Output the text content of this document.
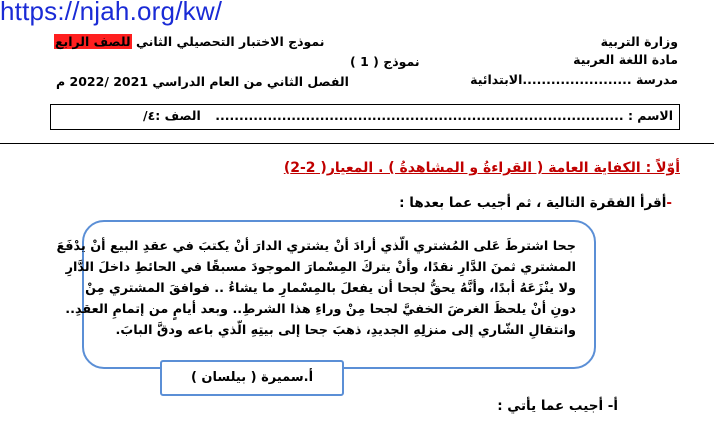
https://njah.org/kw/
وزارة التربية
مادة اللغة العربية
نموذج ( 1 )
مدرسة .......................الابتدائية
نموذج الاختبار التحصيلي الثاني للصف الرابع
الفصل الثاني من العام الدراسي 2021 /2022 م
الاسم : ......................................................................................
الصف :٤/
أوّلاً : الكفاية العامة ( القراءةُ و المشاهدةُ ) . المعيار( 2-2)
-أقرأ الفقرة التالية ، ثم أجيب عما بعدها :
جحا اشترطَ عَلى المُشتري الّذي أرادَ أنْ يشتري الدارَ أنْ يكتبَ في عقدِ البيع أنْ يدْفَعَ
المشتري ثمنَ الدَّارِ نقدًا، وأنْ يتركَ المِسْمارَ الموجودَ مسبقًا في الحائطِ داخلَ الدَّارِ
ولا ينْزَعَهُ أبدًا، وأنَّهُ يحقُّ لجحا أن يفعلَ بالمِسْمارِ ما يشاءُ .. فوافقَ المشتري مِنْ
دونِ أنْ يلحظَ الغرضَ الخفيَّ لجحا مِنْ وراءِ هذا الشرطِ.. وبعد أيامٍ من إتمامِ العقدِ..
وانتقالِ الشّاري إلى منزلِهِ الجديدِ، ذهبَ جحا إلى بيتِهِ الّذي باعه ودقَّ البابَ.
أ.سميرة ( بيلسان )
أ- أجيب عما يأتي :
